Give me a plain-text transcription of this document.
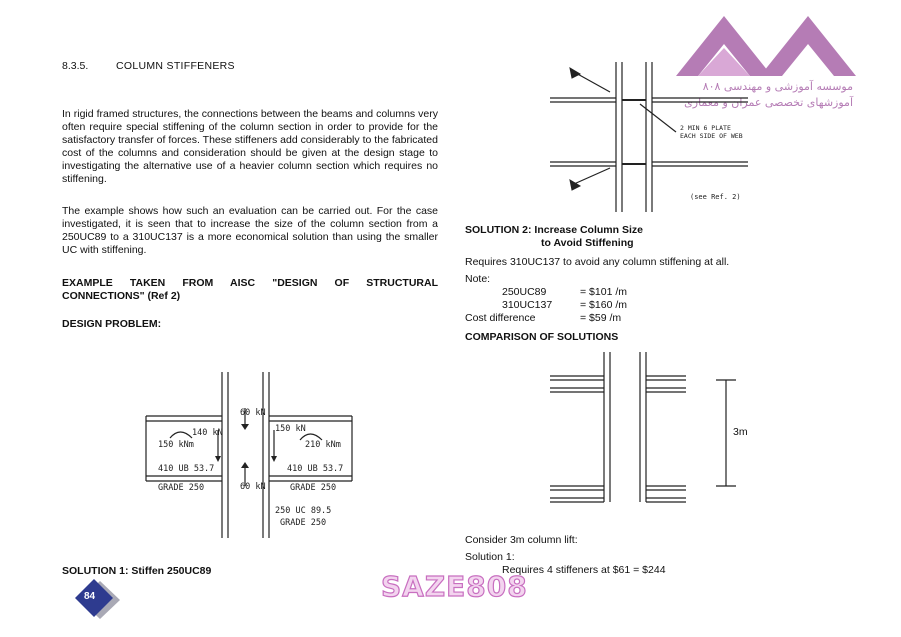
8.3.5.	COLUMN STIFFENERS
In rigid framed structures, the connections between the beams and columns very often require special stiffening of the column section in order to provide for the satisfactory transfer of forces. These stiffeners add considerably to the fabricated cost of the columns and consideration should be given at the design stage to investigating the alternative use of a heavier column section which requires no stiffening.
The example shows how such an evaluation can be carried out. For the case investigated, it is seen that to increase the size of the column section from a 250UC89 to a 310UC137 is a more economical solution than using the smaller UC with stiffening.
EXAMPLE TAKEN FROM AISC "DESIGN OF STRUCTURAL CONNECTIONS" (Ref 2)
DESIGN PROBLEM:
60 kN
140 kN
150 kNm
150 kN
210 kNm
410 UB 53.7	410 UB 53.7
60 kN
GRADE 250	GRADE 250
250 UC 89.5
GRADE 250
SOLUTION 1: Stiffen 250UC89
84	SAZE808
موسسه آموزشی و مهندسی ۸۰۸
آموزشهای تخصصی عمران و معماری
2 MIN 6 PLATE
EACH SIDE OF WEB
(see Ref. 2)
SOLUTION 2: Increase Column Size
to Avoid Stiffening
Requires 310UC137 to avoid any column stiffening at all.
Note:
250UC89	= $101 /m
310UC137	= $160 /m
Cost difference	= $59 /m
COMPARISON OF SOLUTIONS
3m
Consider 3m column lift:
Solution 1:
Requires 4 stiffeners at $61 = $244
